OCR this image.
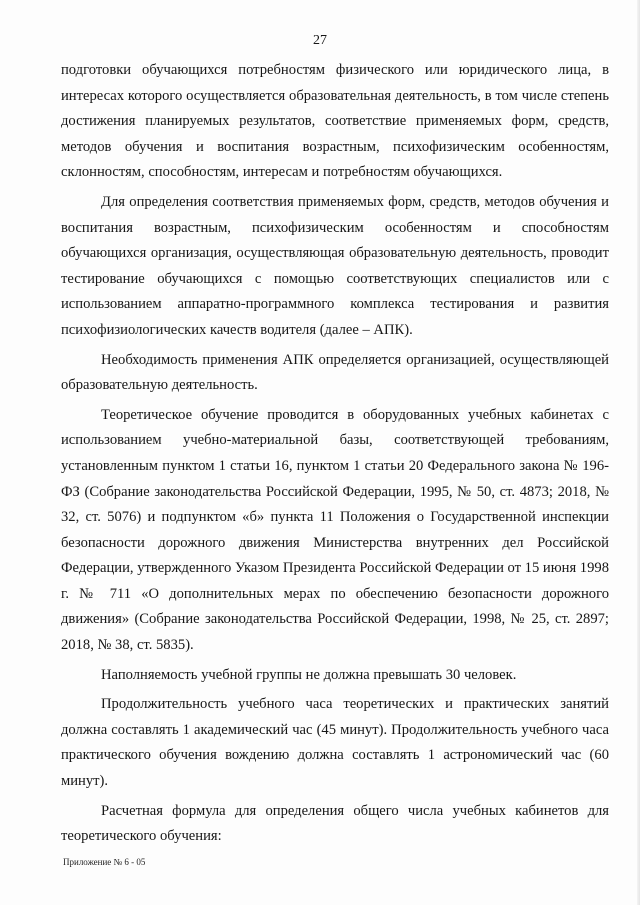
27

подготовки обучающихся потребностям физического или юридического лица, в интересах которого осуществляется образовательная деятельность, в том числе степень достижения планируемых результатов, соответствие применяемых форм, средств, методов обучения и воспитания возрастным, психофизическим особенностям, склонностям, способностям, интересам и потребностям обучающихся.

Для определения соответствия применяемых форм, средств, методов обучения и воспитания возрастным, психофизическим особенностям и способностям обучающихся организация, осуществляющая образовательную деятельность, проводит тестирование обучающихся с помощью соответствующих специалистов или с использованием аппаратно-программного комплекса тестирования и развития психофизиологических качеств водителя (далее – АПК).

Необходимость применения АПК определяется организацией, осуществляющей образовательную деятельность.

Теоретическое обучение проводится в оборудованных учебных кабинетах с использованием учебно-материальной базы, соответствующей требованиям, установленным пунктом 1 статьи 16, пунктом 1 статьи 20 Федерального закона № 196-ФЗ (Собрание законодательства Российской Федерации, 1995, № 50, ст. 4873; 2018, № 32, ст. 5076) и подпунктом «б» пункта 11 Положения о Государственной инспекции безопасности дорожного движения Министерства внутренних дел Российской Федерации, утвержденного Указом Президента Российской Федерации от 15 июня 1998 г. № 711 «О дополнительных мерах по обеспечению безопасности дорожного движения» (Собрание законодательства Российской Федерации, 1998, № 25, ст. 2897; 2018, № 38, ст. 5835).

Наполняемость учебной группы не должна превышать 30 человек.

Продолжительность учебного часа теоретических и практических занятий должна составлять 1 академический час (45 минут). Продолжительность учебного часа практического обучения вождению должна составлять 1 астрономический час (60 минут).

Расчетная формула для определения общего числа учебных кабинетов для теоретического обучения:

Приложение № 6 - 05
